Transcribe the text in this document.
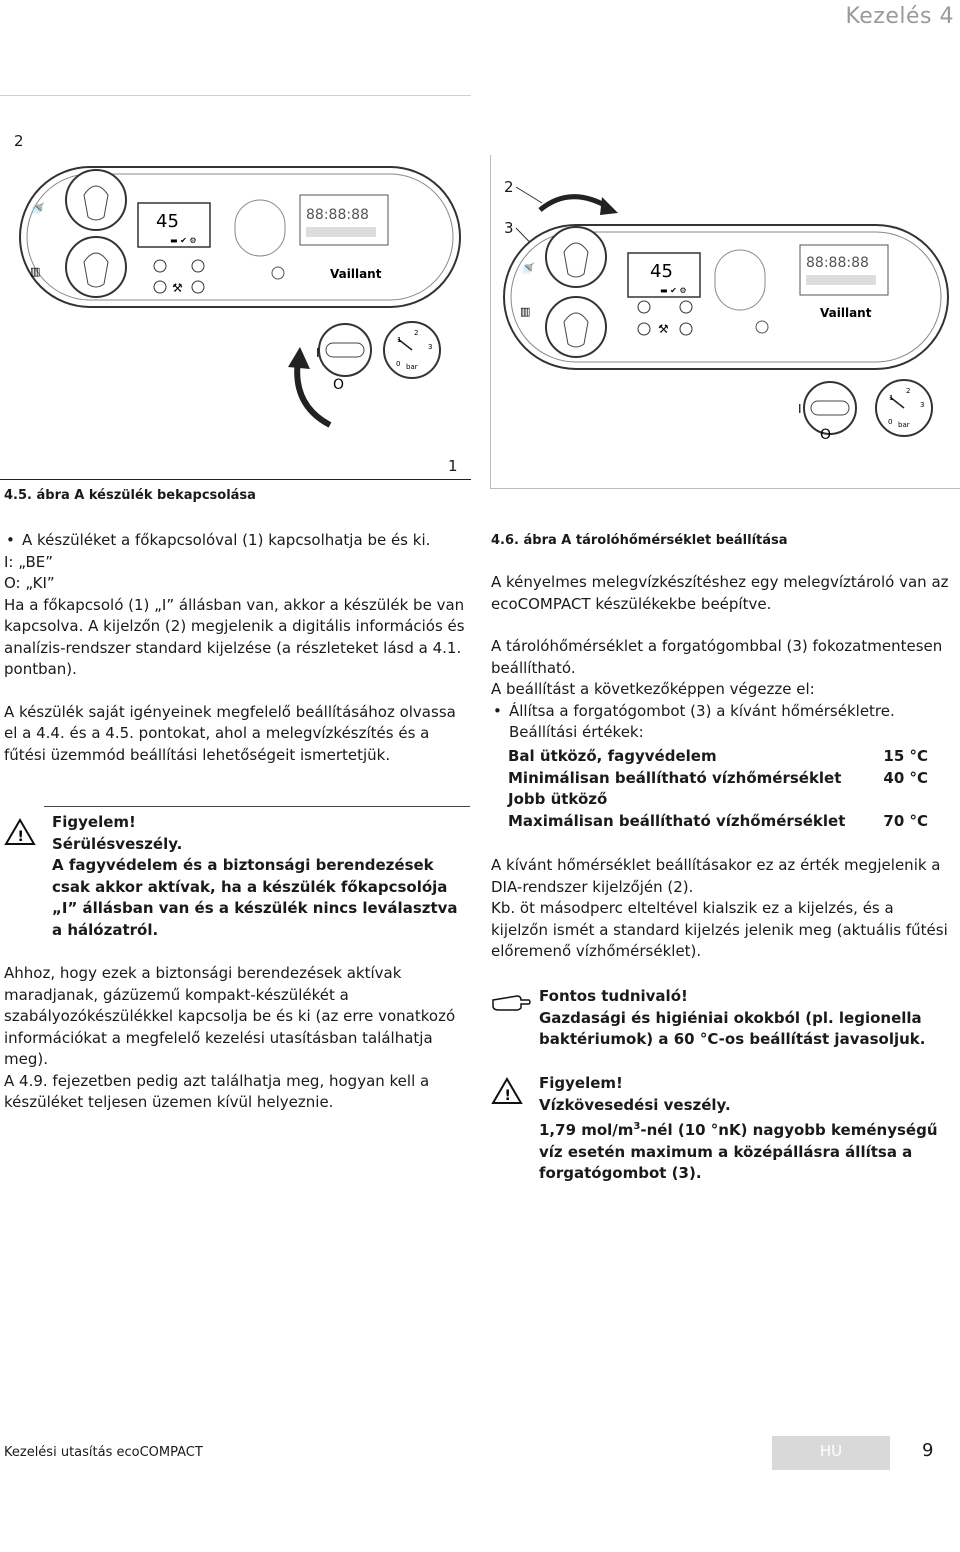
Kezelés 4
2
1
🚿
▥
45
▬ ✔ ⚙
⚒
88:88:88
Vaillant
I
O
0
1
2
3
bar
2
3
🚿
▥
45
▬ ✔ ⚙
⚒
88:88:88
Vaillant
I
O
0
1
2
3
bar
4.5. ábra A készülék bekapcsolása
4.6. ábra A tárolóhőmérséklet beállítása

• A készüléket a főkapcsolóval (1) kapcsolhatja be és ki.

I: „BE”

O: „KI”

Ha a főkapcsoló (1) „I” állásban van, akkor a készülék be van kapcsolva. A kijelzőn (2) megjelenik a digitális információs és analízis-rendszer standard kijelzése (a részleteket lásd a 4.1. pontban).

A készülék saját igényeinek megfelelő beállításához olvassa el a 4.4. és a 4.5. pontokat, ahol a melegvízkészítés és a fűtési üzemmód beállítási lehetőségeit ismertetjük.

!
Figyelem!
Sérülésveszély.
A fagyvédelem és a biztonsági berendezések csak akkor aktívak, ha a készülék főkapcsolója „I” állásban van és a készülék nincs leválasztva a hálózatról.

Ahhoz, hogy ezek a biztonsági berendezések aktívak maradjanak, gázüzemű kompakt-készülékét a szabályozókészülékkel kapcsolja be és ki (az erre vonatkozó információkat a megfelelő kezelési utasításban találhatja meg).

A 4.9. fejezetben pedig azt találhatja meg, hogyan kell a készüléket teljesen üzemen kívül helyeznie.

A kényelmes melegvízkészítéshez egy melegvíztároló van az ecoCOMPACT készülékekbe beépítve.

A tárolóhőmérséklet a forgatógombbal (3) fokozatmentesen beállítható.

A beállítást a következőképpen végezze el:

• Állítsa a forgatógombot (3) a kívánt hőmérsékletre.

Beállítási értékek:

Bal ütköző, fagyvédelem	15 °C
Minimálisan beállítható vízhőmérséklet	40 °C
Jobb ütköző
Maximálisan beállítható vízhőmérséklet	70 °C

A kívánt hőmérséklet beállításakor ez az érték megjelenik a DIA-rendszer kijelzőjén (2).

Kb. öt másodperc elteltével kialszik ez a kijelzés, és a kijelzőn ismét a standard kijelzés jelenik meg (aktuális fűtési előremenő vízhőmérséklet).

Fontos tudnivaló!
Gazdasági és higiéniai okokból (pl. legionella baktériumok) a 60 °C-os beállítást javasoljuk.
!
Figyelem!
Vízkövesedési veszély.
1,79 mol/$m^3$-nél (10 °nK) nagyobb keménységű víz esetén maximum a középállásra állítsa a forgatógombot (3).
Kezelési utasítás ecoCOMPACT	HU	9
